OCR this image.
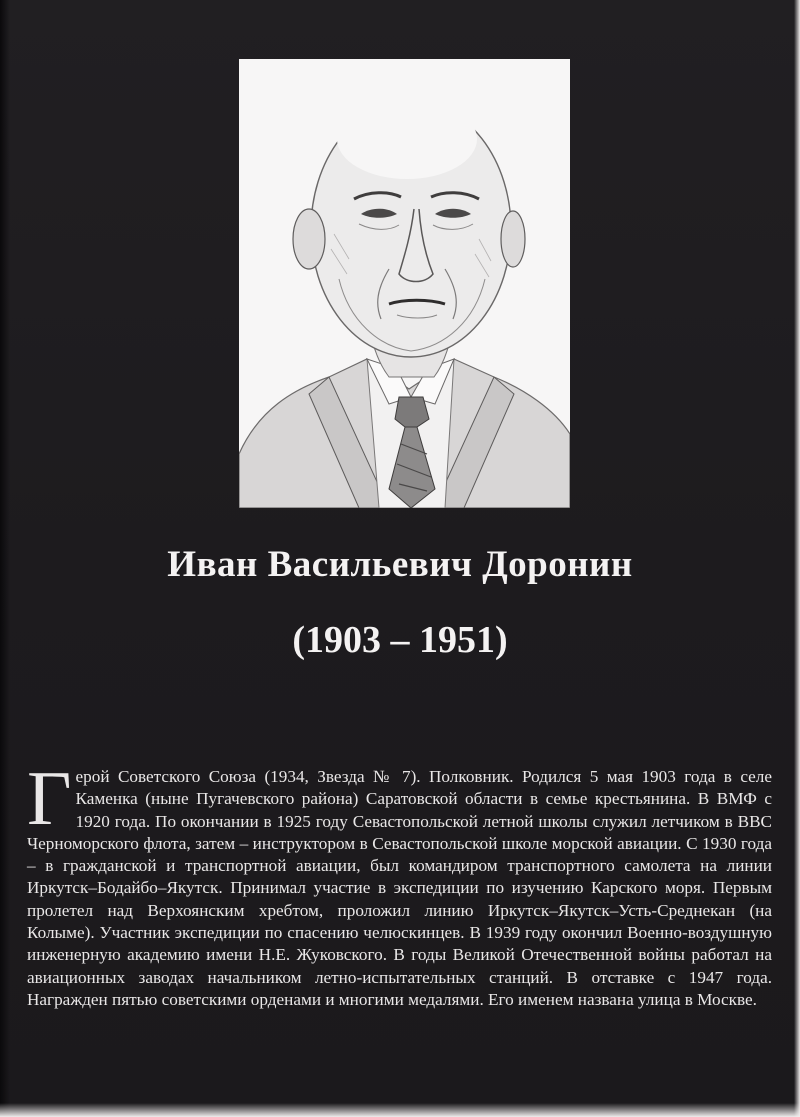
Иван Васильевич Доронин
(1903 – 1951)

Герой Советского Союза (1934, Звезда № 7). Полковник. Родился 5 мая 1903 года в селе Каменка (ныне Пугачевского района) Саратовской области в семье крестьянина. В ВМФ с 1920 года. По окончании в 1925 году Севастопольской летной школы служил летчиком в ВВС Черноморского флота, затем – инструктором в Севастопольской школе морской авиации. С 1930 года – в гражданской и транспортной авиации, был командиром транспортного самолета на линии Иркутск–Бодайбо–Якутск. Принимал участие в экспедиции по изучению Карского моря. Первым пролетел над Верхоянским хребтом, проложил линию Иркутск–Якутск–Усть-Среднекан (на Колыме). Участник экспедиции по спасению челюскинцев. В 1939 году окончил Военно-воздушную инженерную академию имени Н.Е. Жуковского. В годы Великой Отечественной войны работал на авиационных заводах начальником летно-испытательных станций. В отставке с 1947 года. Награжден пятью советскими орденами и многими медалями. Его именем названа улица в Москве.
